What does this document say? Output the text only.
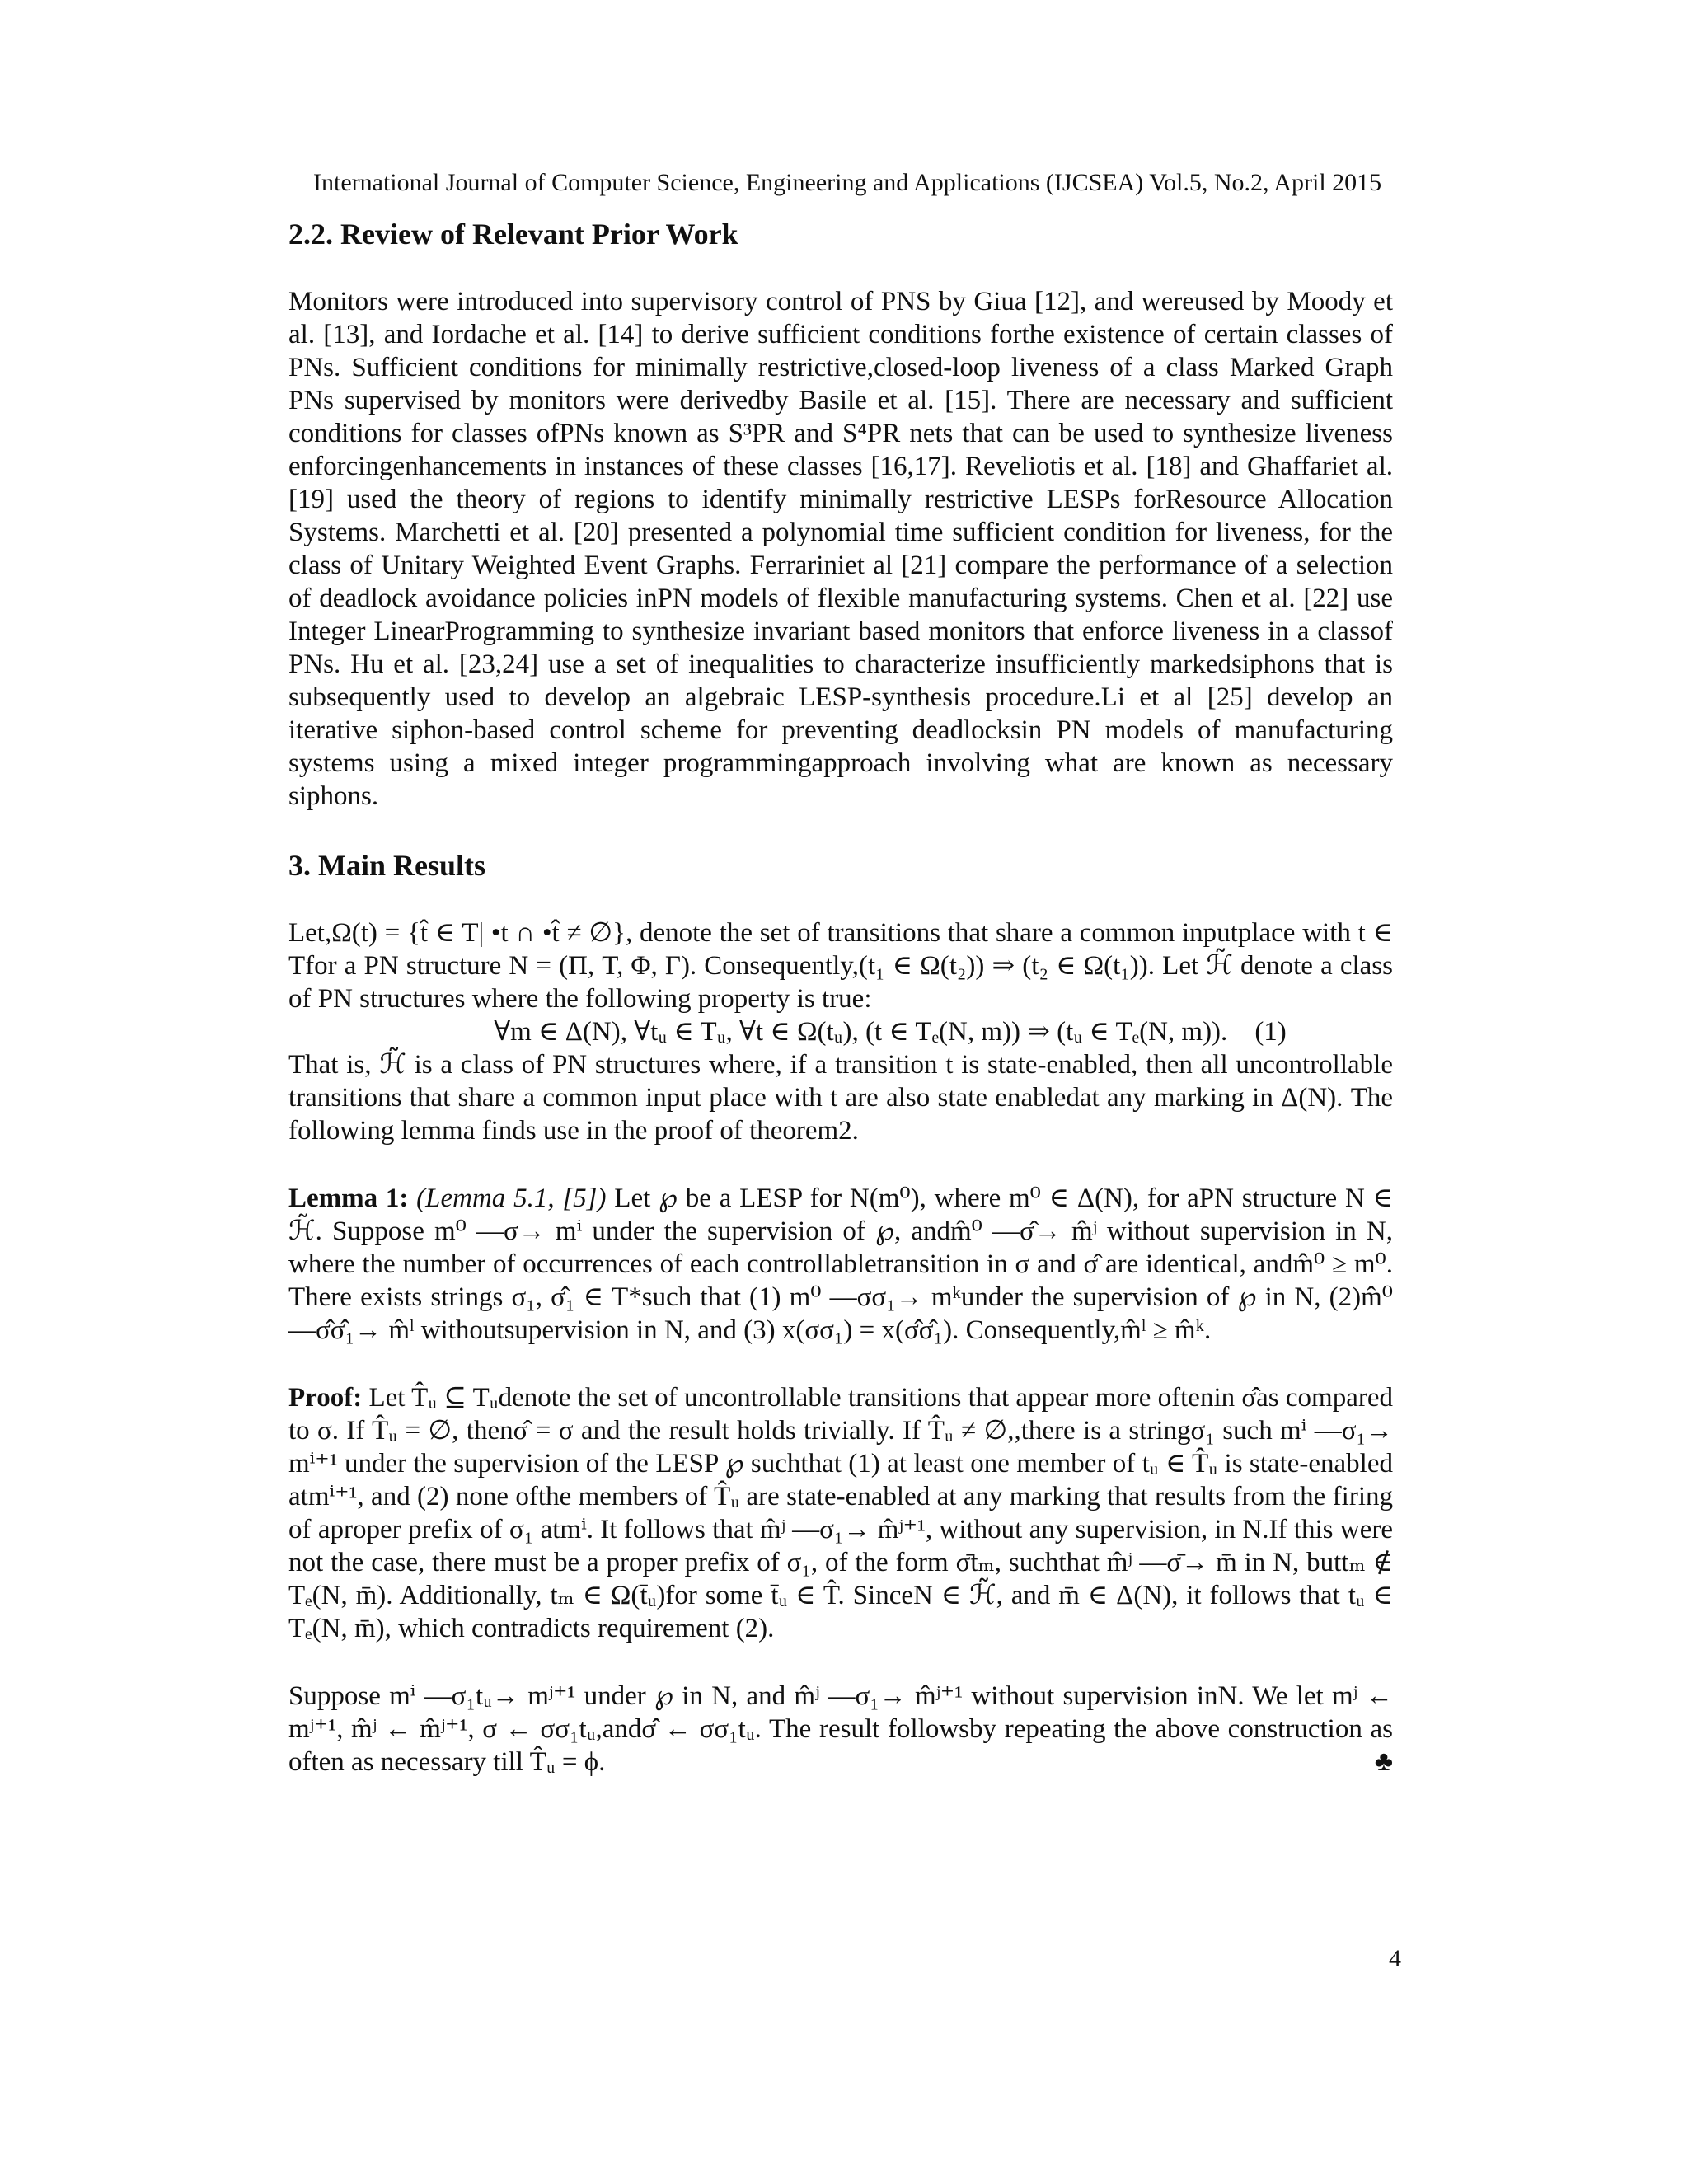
International Journal of Computer Science, Engineering and Applications (IJCSEA) Vol.5, No.2, April 2015
2.2. Review of Relevant Prior Work

Monitors were introduced into supervisory control of PNS by Giua [12], and wereused by Moody et al. [13], and Iordache et al. [14] to derive sufficient conditions forthe existence of certain classes of PNs. Sufficient conditions for minimally restrictive,closed-loop liveness of a class Marked Graph PNs supervised by monitors were derivedby Basile et al. [15]. There are necessary and sufficient conditions for classes ofPNs known as S³PR and S⁴PR nets that can be used to synthesize liveness enforcingenhancements in instances of these classes [16,17]. Reveliotis et al. [18] and Ghaffariet al. [19] used the theory of regions to identify minimally restrictive LESPs forResource Allocation Systems. Marchetti et al. [20] presented a polynomial time sufficient condition for liveness, for the class of Unitary Weighted Event Graphs. Ferrariniet al [21] compare the performance of a selection of deadlock avoidance policies inPN models of flexible manufacturing systems. Chen et al. [22] use Integer LinearProgramming to synthesize invariant based monitors that enforce liveness in a classof PNs. Hu et al. [23,24] use a set of inequalities to characterize insufficiently markedsiphons that is subsequently used to develop an algebraic LESP-synthesis procedure.Li et al [25] develop an iterative siphon-based control scheme for preventing deadlocksin PN models of manufacturing systems using a mixed integer programmingapproach involving what are known as necessary siphons.

3. Main Results

Let,Ω(t) = {t̂ ∈ T| •t ∩ •t̂ ≠ ∅}, denote the set of transitions that share a common inputplace with t ∈ Tfor a PN structure N = (Π, T, Φ, Γ). Consequently,(t₁ ∈ Ω(t₂)) ⇒ (t₂ ∈ Ω(t₁)). Let ℋ̃ denote a class of PN structures where the following property is true:

∀m ∈ Δ(N), ∀tᵤ ∈ Tᵤ, ∀t ∈ Ω(tᵤ), (t ∈ Tₑ(N, m)) ⇒ (tᵤ ∈ Tₑ(N, m)). (1)

That is, ℋ̃ is a class of PN structures where, if a transition t is state-enabled, then all uncontrollable transitions that share a common input place with t are also state enabledat any marking in Δ(N). The following lemma finds use in the proof of theorem2.

Lemma 1: (Lemma 5.1, [5]) Let ℘ be a LESP for N(m⁰), where m⁰ ∈ Δ(N), for aPN structure N ∈ ℋ̃. Suppose m⁰ —σ→ mⁱ under the supervision of ℘, andm̂⁰ —σ̂→ m̂ʲ without supervision in N, where the number of occurrences of each controllabletransition in σ and σ̂ are identical, andm̂⁰ ≥ m⁰. There exists strings σ₁, σ̂₁ ∈ T*such that (1) m⁰ —σσ₁→ mᵏunder the supervision of ℘ in N, (2)m̂⁰ —σ̂σ̂₁→ m̂ˡ withoutsupervision in N, and (3) x(σσ₁) = x(σ̂σ̂₁). Consequently,m̂ˡ ≥ m̂ᵏ.

Proof: Let T̂ᵤ ⊆ Tᵤdenote the set of uncontrollable transitions that appear more oftenin σ̂as compared to σ. If T̂ᵤ = ∅, thenσ̂ = σ and the result holds trivially. If T̂ᵤ ≠ ∅,,there is a stringσ₁ such mⁱ —σ₁→ mⁱ⁺¹ under the supervision of the LESP ℘ suchthat (1) at least one member of tᵤ ∈ T̂ᵤ is state-enabled atmⁱ⁺¹, and (2) none ofthe members of T̂ᵤ are state-enabled at any marking that results from the firing of aproper prefix of σ₁ atmⁱ. It follows that m̂ʲ —σ₁→ m̂ʲ⁺¹, without any supervision, in N.If this were not the case, there must be a proper prefix of σ₁, of the form σ̄tₘ, suchthat m̂ʲ —σ̄→ m̄ in N, buttₘ ∉ Tₑ(N, m̄). Additionally, tₘ ∈ Ω(t̄ᵤ)for some t̄ᵤ ∈ T̂. SinceN ∈ ℋ̃, and m̄ ∈ Δ(N), it follows that tᵤ ∈ Tₑ(N, m̄), which contradicts requirement (2).

Suppose mⁱ —σ₁tᵤ→ mʲ⁺¹ under ℘ in N, and m̂ʲ —σ₁→ m̂ʲ⁺¹ without supervision inN. We let mʲ ← mʲ⁺¹, m̂ʲ ← m̂ʲ⁺¹, σ ← σσ₁tᵤ,andσ̂ ← σσ₁tᵤ. The result followsby repeating the above construction as often as necessary till T̂ᵤ = ϕ.	♣

4
